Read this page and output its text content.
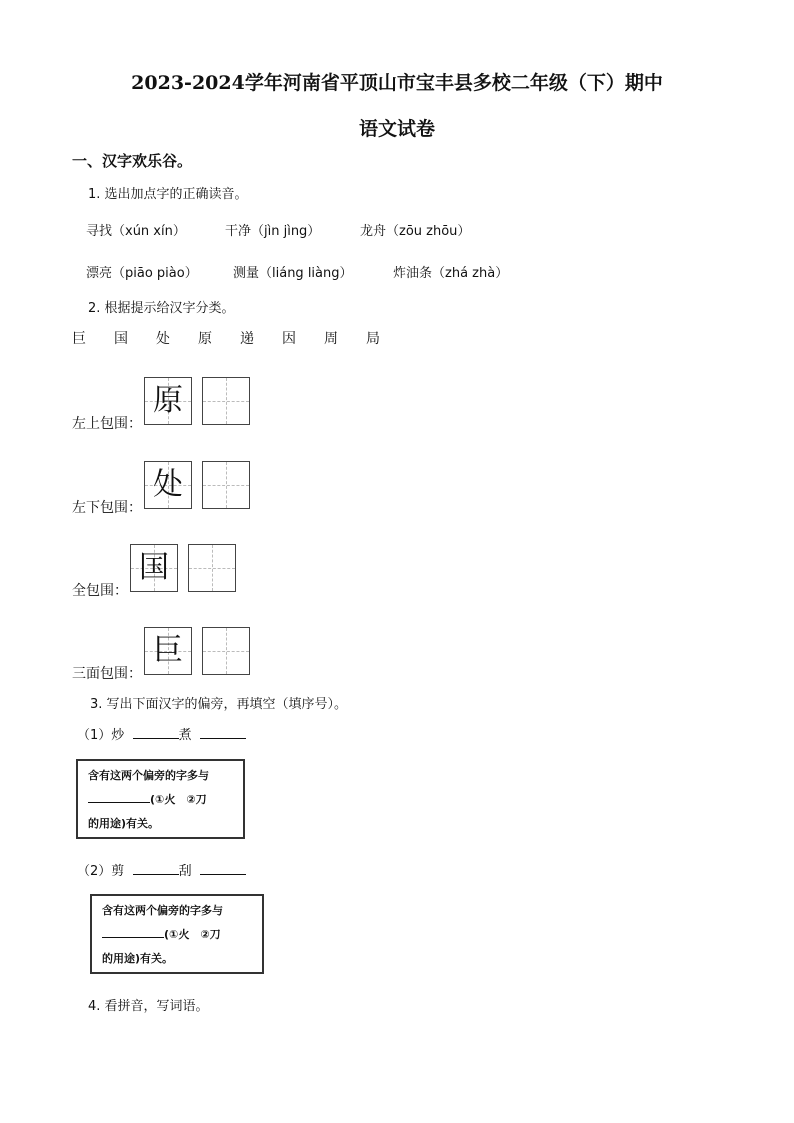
2023-2024学年河南省平顶山市宝丰县多校二年级（下）期中
语文试卷
一、汉字欢乐谷。
1. 选出加点字的正确读音。
寻找（xún xín）	干净（jìn jìng）	龙舟（zōu zhōu）
漂亮（piāo piào）	测量（liáng liàng）	炸油条（zhá zhà）
2. 根据提示给汉字分类。
巨 国 处 原 递 因 周 局
左上包围：
原
左下包围：
处
全包围：
国
三面包围：
巨
3. 写出下面汉字的偏旁，再填空（填序号）。
（1）炒	煮
含有这两个偏旁的字多与
(①火　②刀
的用途)有关。
（2）剪	刮
含有这两个偏旁的字多与
(①火　②刀
的用途)有关。
4. 看拼音，写词语。
